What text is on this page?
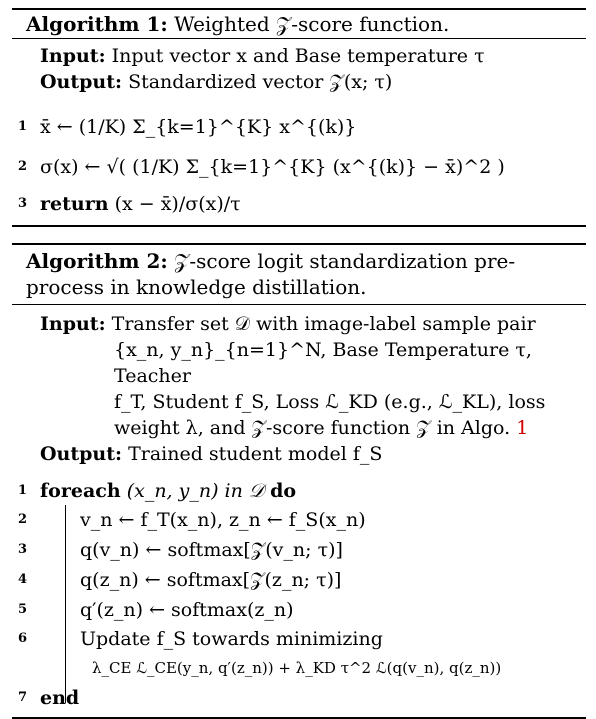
Algorithm 1: Weighted 𝒵-score function.
Input: Input vector x and Base temperature τ
Output: Standardized vector 𝒵(x; τ)
1 x̄ ← (1/K) Σ_{k=1}^{K} x^{(k)}
2 σ(x) ← √( (1/K) Σ_{k=1}^{K} (x^{(k)} − x̄)^2 )
3 return (x − x̄)/σ(x)/τ
Algorithm 2: 𝒵-score logit standardization pre-
process in knowledge distillation.
Input: Transfer set 𝒟 with image-label sample pair
{x_n, y_n}_{n=1}^N, Base Temperature τ, Teacher
f_T, Student f_S, Loss ℒ_KD (e.g., ℒ_KL), loss
weight λ, and 𝒵-score function 𝒵 in Algo. 1
Output: Trained student model f_S
1 foreach (x_n, y_n) in 𝒟 do
2	v_n ← f_T(x_n), z_n ← f_S(x_n)
3	q(v_n) ← softmax[𝒵(v_n; τ)]
4	q(z_n) ← softmax[𝒵(z_n; τ)]
5	q′(z_n) ← softmax(z_n)
6	Update f_S towards minimizing
λ_CE ℒ_CE(y_n, q′(z_n)) + λ_KD τ^2 ℒ(q(v_n), q(z_n))
7 end
